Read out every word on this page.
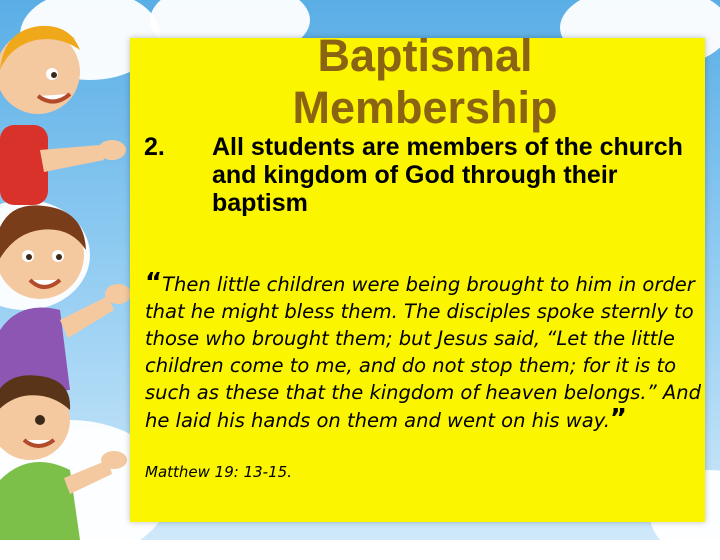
Baptismal Membership
2. All students are members of the church and kingdom of God through their baptism
“Then little children were being brought to him in order that he might bless them. The disciples spoke sternly to those who brought them; but Jesus said, “Let the little children come to me, and do not stop them; for it is to such as these that the kingdom of heaven belongs.” And he laid his hands on them and went on his way.”
Matthew 19: 13-15.
